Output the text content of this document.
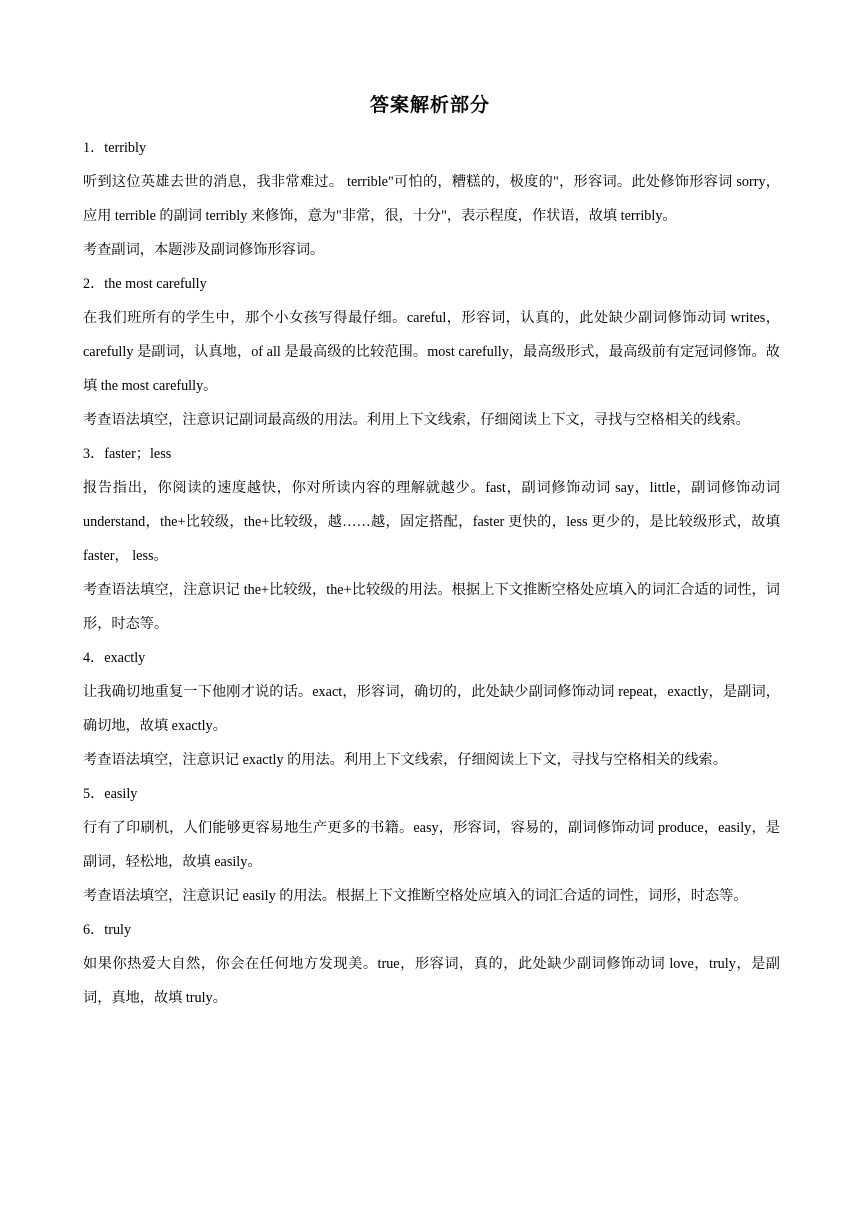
答案解析部分

1．terribly

听到这位英雄去世的消息，我非常难过。 terrible"可怕的，糟糕的，极度的"，形容词。此处修饰形容词 sorry，应用 terrible 的副词 terribly 来修饰，意为"非常，很，十分"，表示程度，作状语，故填 terribly。

考查副词，本题涉及副词修饰形容词。

2．the most carefully

在我们班所有的学生中，那个小女孩写得最仔细。careful，形容词，认真的，此处缺少副词修饰动词 writes，carefully 是副词，认真地，of all 是最高级的比较范围。most carefully，最高级形式，最高级前有定冠词修饰。故填 the most carefully。

考查语法填空，注意识记副词最高级的用法。利用上下文线索，仔细阅读上下文，寻找与空格相关的线索。

3．faster；less

报告指出，你阅读的速度越快，你对所读内容的理解就越少。fast，副词修饰动词 say，little，副词修饰动词 understand，the+比较级，the+比较级，越……越，固定搭配，faster 更快的，less 更少的，是比较级形式，故填 faster， less。

考查语法填空，注意识记 the+比较级，the+比较级的用法。根据上下文推断空格处应填入的词汇合适的词性，词形，时态等。

4．exactly

让我确切地重复一下他刚才说的话。exact，形容词，确切的，此处缺少副词修饰动词 repeat，exactly，是副词，确切地，故填 exactly。

考查语法填空，注意识记 exactly 的用法。利用上下文线索，仔细阅读上下文，寻找与空格相关的线索。

5．easily

行有了印刷机，人们能够更容易地生产更多的书籍。easy，形容词，容易的，副词修饰动词 produce，easily，是副词，轻松地，故填 easily。

考查语法填空，注意识记 easily 的用法。根据上下文推断空格处应填入的词汇合适的词性，词形，时态等。

6．truly

如果你热爱大自然，你会在任何地方发现美。true，形容词，真的，此处缺少副词修饰动词 love，truly，是副词，真地，故填 truly。
